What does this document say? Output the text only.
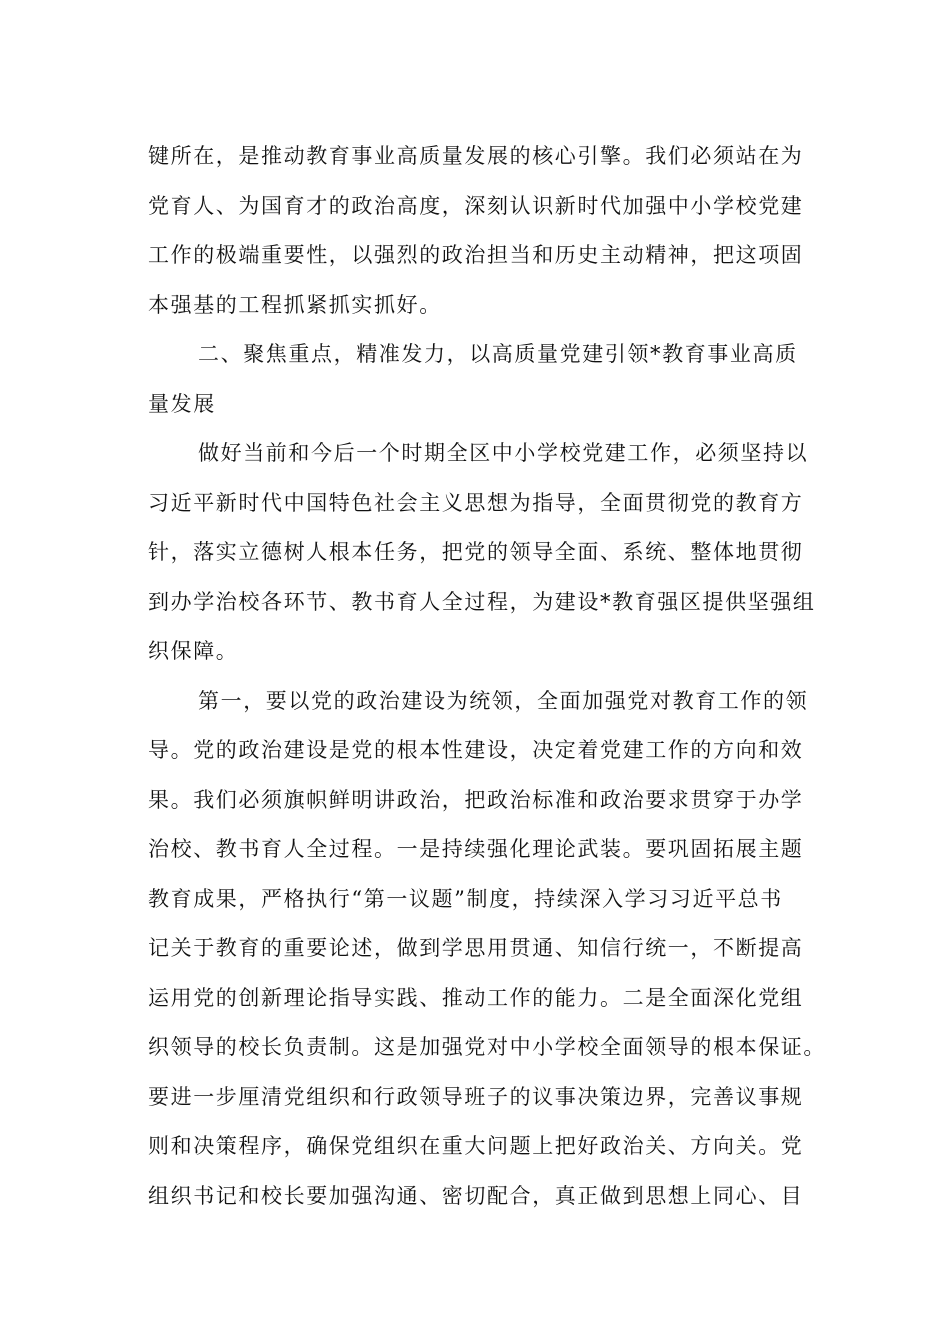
键所在，是推动教育事业高质量发展的核心引擎。我们必须站在为
党育人、为国育才的政治高度，深刻认识新时代加强中小学校党建
工作的极端重要性，以强烈的政治担当和历史主动精神，把这项固
本强基的工程抓紧抓实抓好。
二、聚焦重点，精准发力，以高质量党建引领*教育事业高质
量发展
做好当前和今后一个时期全区中小学校党建工作，必须坚持以
习近平新时代中国特色社会主义思想为指导，全面贯彻党的教育方
针，落实立德树人根本任务，把党的领导全面、系统、整体地贯彻
到办学治校各环节、教书育人全过程，为建设*教育强区提供坚强组
织保障。
第一，要以党的政治建设为统领，全面加强党对教育工作的领
导。党的政治建设是党的根本性建设，决定着党建工作的方向和效
果。我们必须旗帜鲜明讲政治，把政治标准和政治要求贯穿于办学
治校、教书育人全过程。一是持续强化理论武装。要巩固拓展主题
教育成果，严格执行“第一议题”制度，持续深入学习习近平总书
记关于教育的重要论述，做到学思用贯通、知信行统一，不断提高
运用党的创新理论指导实践、推动工作的能力。二是全面深化党组
织领导的校长负责制。这是加强党对中小学校全面领导的根本保证。
要进一步厘清党组织和行政领导班子的议事决策边界，完善议事规
则和决策程序，确保党组织在重大问题上把好政治关、方向关。党
组织书记和校长要加强沟通、密切配合，真正做到思想上同心、目
